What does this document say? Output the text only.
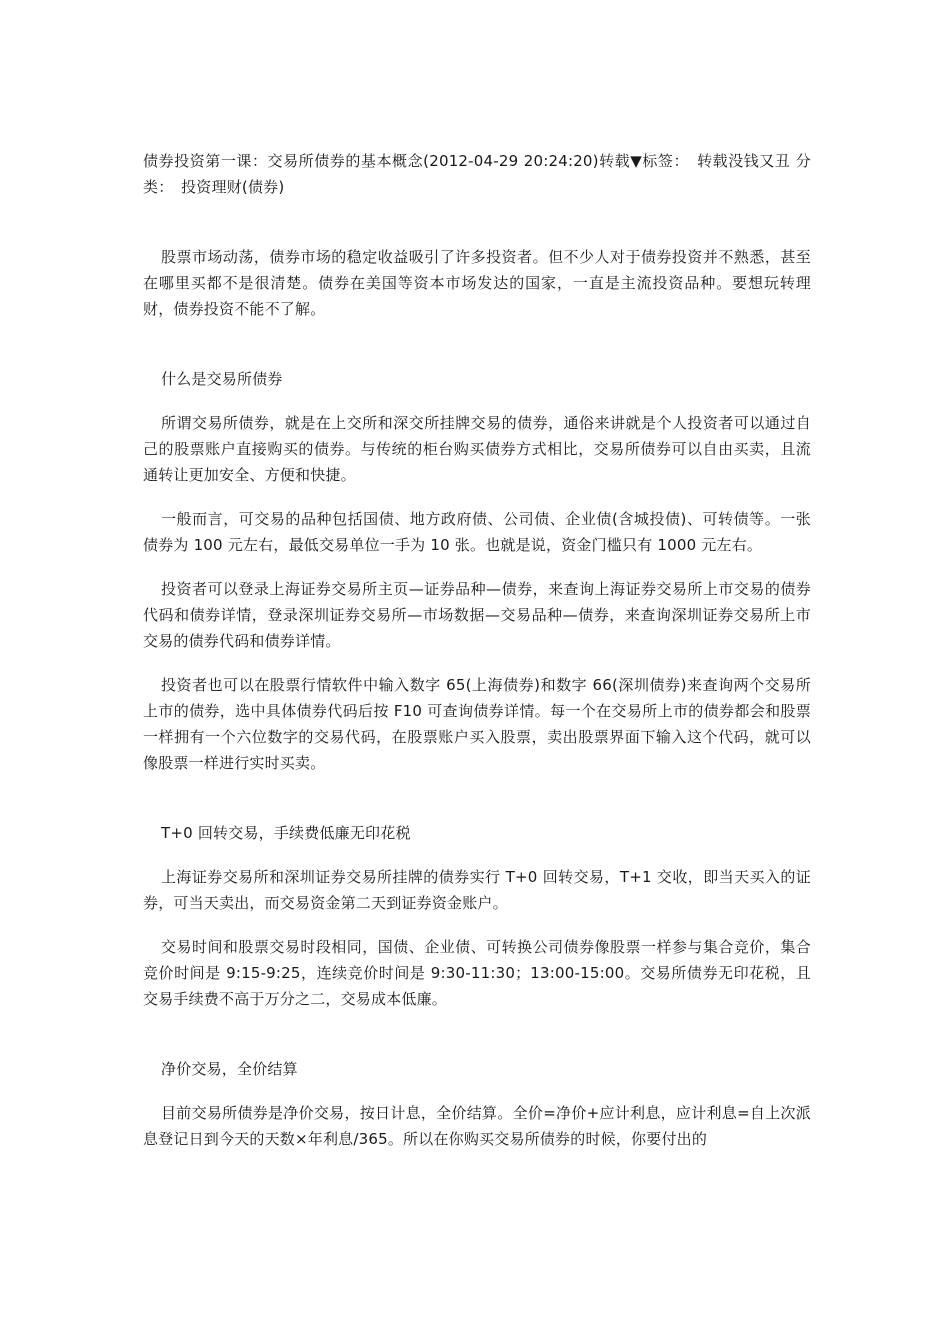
债券投资第一课：交易所债券的基本概念(2012-04-29 20:24:20)转载▼标签：　转载没钱又丑 分类：　投资理财(债券)

股票市场动荡，债券市场的稳定收益吸引了许多投资者。但不少人对于债券投资并不熟悉，甚至在哪里买都不是很清楚。债券在美国等资本市场发达的国家，一直是主流投资品种。要想玩转理财，债券投资不能不了解。

什么是交易所债券

所谓交易所债券，就是在上交所和深交所挂牌交易的债券，通俗来讲就是个人投资者可以通过自己的股票账户直接购买的债券。与传统的柜台购买债券方式相比，交易所债券可以自由买卖，且流通转让更加安全、方便和快捷。

一般而言，可交易的品种包括国债、地方政府债、公司债、企业债(含城投债)、可转债等。一张债券为 100 元左右，最低交易单位一手为 10 张。也就是说，资金门槛只有 1000 元左右。

投资者可以登录上海证券交易所主页—证券品种—债券，来查询上海证券交易所上市交易的债券代码和债券详情，登录深圳证券交易所—市场数据—交易品种—债券，来查询深圳证券交易所上市交易的债券代码和债券详情。

投资者也可以在股票行情软件中输入数字 65(上海债券)和数字 66(深圳债券)来查询两个交易所上市的债券，选中具体债券代码后按 F10 可查询债券详情。每一个在交易所上市的债券都会和股票一样拥有一个六位数字的交易代码，在股票账户买入股票，卖出股票界面下输入这个代码，就可以像股票一样进行实时买卖。

T+0 回转交易，手续费低廉无印花税

上海证券交易所和深圳证券交易所挂牌的债券实行 T+0 回转交易，T+1 交收，即当天买入的证券，可当天卖出，而交易资金第二天到证券资金账户。

交易时间和股票交易时段相同，国债、企业债、可转换公司债券像股票一样参与集合竞价，集合竞价时间是 9:15-9:25，连续竞价时间是 9:30-11:30；13:00-15:00。交易所债券无印花税，且交易手续费不高于万分之二，交易成本低廉。

净价交易，全价结算

目前交易所债券是净价交易，按日计息，全价结算。全价=净价+应计利息，应计利息=自上次派息登记日到今天的天数×年利息/365。所以在你购买交易所债券的时候，你要付出的
